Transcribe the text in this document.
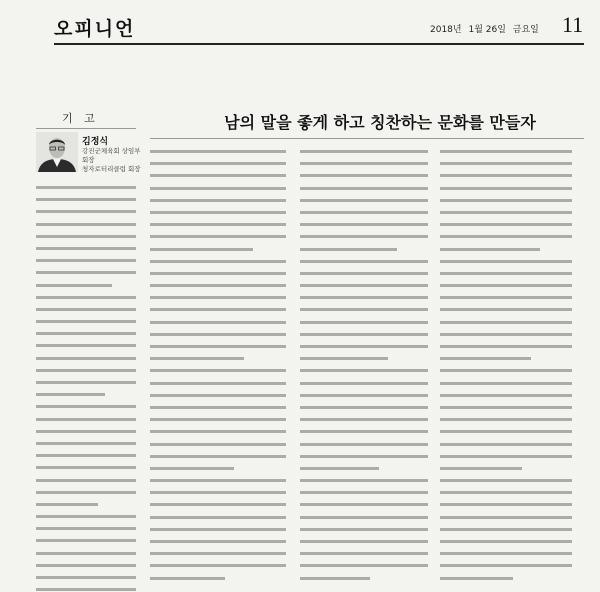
오피니언	2018년 1월 26일 금요일 11
기 고
김정식
강진군체육회 상임부회장
청자로터리클럽 회장
남의 말을 좋게 하고 칭찬하는 문화를 만들자
